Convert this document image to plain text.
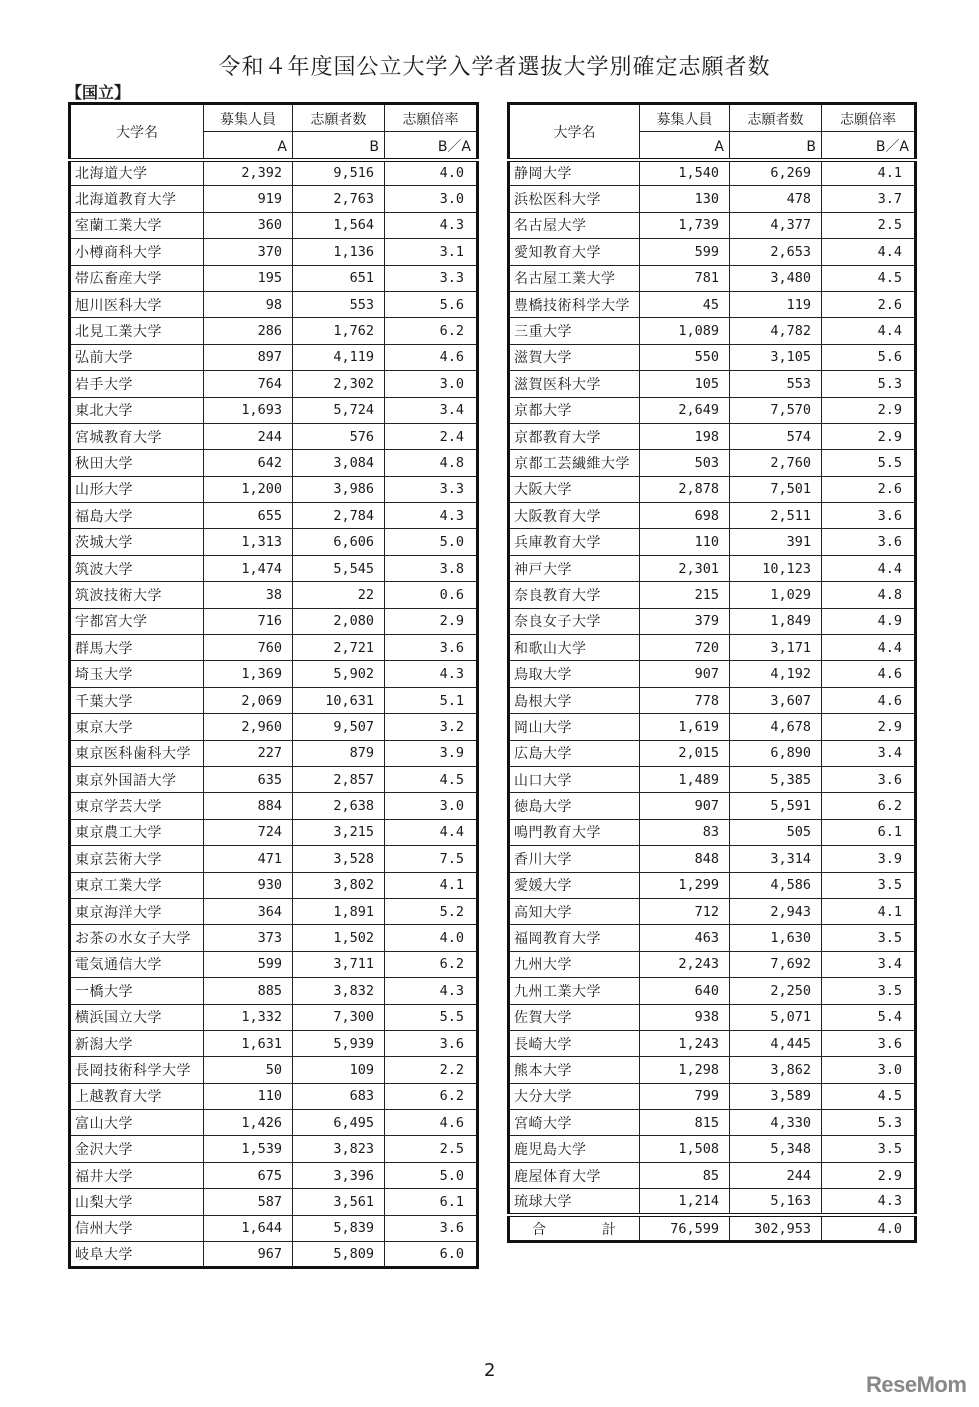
令和４年度国公立大学入学者選抜大学別確定志願者数
【国立】
大学名	募集人員	志願者数	志願倍率
	A	B	B／A
北海道大学	2,392	9,516	4.0
北海道教育大学	919	2,763	3.0
室蘭工業大学	360	1,564	4.3
小樽商科大学	370	1,136	3.1
帯広畜産大学	195	651	3.3
旭川医科大学	98	553	5.6
北見工業大学	286	1,762	6.2
弘前大学	897	4,119	4.6
岩手大学	764	2,302	3.0
東北大学	1,693	5,724	3.4
宮城教育大学	244	576	2.4
秋田大学	642	3,084	4.8
山形大学	1,200	3,986	3.3
福島大学	655	2,784	4.3
茨城大学	1,313	6,606	5.0
筑波大学	1,474	5,545	3.8
筑波技術大学	38	22	0.6
宇都宮大学	716	2,080	2.9
群馬大学	760	2,721	3.6
埼玉大学	1,369	5,902	4.3
千葉大学	2,069	10,631	5.1
東京大学	2,960	9,507	3.2
東京医科歯科大学	227	879	3.9
東京外国語大学	635	2,857	4.5
東京学芸大学	884	2,638	3.0
東京農工大学	724	3,215	4.4
東京芸術大学	471	3,528	7.5
東京工業大学	930	3,802	4.1
東京海洋大学	364	1,891	5.2
お茶の水女子大学	373	1,502	4.0
電気通信大学	599	3,711	6.2
一橋大学	885	3,832	4.3
横浜国立大学	1,332	7,300	5.5
新潟大学	1,631	5,939	3.6
長岡技術科学大学	50	109	2.2
上越教育大学	110	683	6.2
富山大学	1,426	6,495	4.6
金沢大学	1,539	3,823	2.5
福井大学	675	3,396	5.0
山梨大学	587	3,561	6.1
信州大学	1,644	5,839	3.6
岐阜大学	967	5,809	6.0
大学名	募集人員	志願者数	志願倍率
	A	B	B／A
静岡大学	1,540	6,269	4.1
浜松医科大学	130	478	3.7
名古屋大学	1,739	4,377	2.5
愛知教育大学	599	2,653	4.4
名古屋工業大学	781	3,480	4.5
豊橋技術科学大学	45	119	2.6
三重大学	1,089	4,782	4.4
滋賀大学	550	3,105	5.6
滋賀医科大学	105	553	5.3
京都大学	2,649	7,570	2.9
京都教育大学	198	574	2.9
京都工芸繊維大学	503	2,760	5.5
大阪大学	2,878	7,501	2.6
大阪教育大学	698	2,511	3.6
兵庫教育大学	110	391	3.6
神戸大学	2,301	10,123	4.4
奈良教育大学	215	1,029	4.8
奈良女子大学	379	1,849	4.9
和歌山大学	720	3,171	4.4
鳥取大学	907	4,192	4.6
島根大学	778	3,607	4.6
岡山大学	1,619	4,678	2.9
広島大学	2,015	6,890	3.4
山口大学	1,489	5,385	3.6
徳島大学	907	5,591	6.2
鳴門教育大学	83	505	6.1
香川大学	848	3,314	3.9
愛媛大学	1,299	4,586	3.5
高知大学	712	2,943	4.1
福岡教育大学	463	1,630	3.5
九州大学	2,243	7,692	3.4
九州工業大学	640	2,250	3.5
佐賀大学	938	5,071	5.4
長崎大学	1,243	4,445	3.6
熊本大学	1,298	3,862	3.0
大分大学	799	3,589	4.5
宮崎大学	815	4,330	5.3
鹿児島大学	1,508	5,348	3.5
鹿屋体育大学	85	244	2.9
琉球大学	1,214	5,163	4.3

合 計	76,599	302,953	4.0
2
ReseMom
